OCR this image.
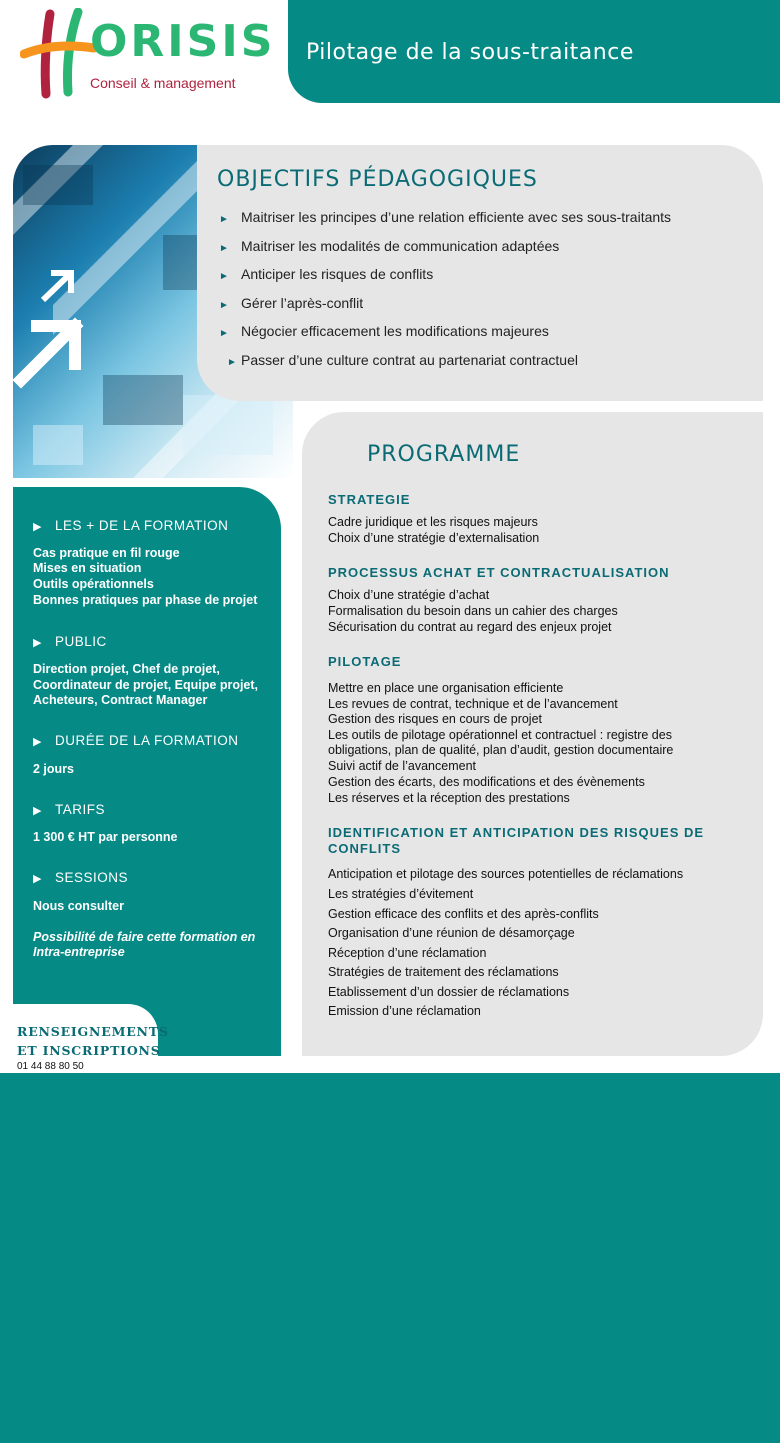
ORISIS
Conseil & management
Pilotage de la sous-traitance
OBJECTIFS PÉDAGOGIQUES
► Maitriser les principes d’une relation efficiente avec ses sous-traitants
► Maitriser les modalités de communication adaptées
► Anticiper les risques de conflits
► Gérer l’après-conflit
► Négocier efficacement les modifications majeures
► Passer d’une culture contrat au partenariat contractuel
PROGRAMME
STRATEGIE
Cadre juridique et les risques majeurs
Choix d’une stratégie d’externalisation
PROCESSUS ACHAT ET CONTRACTUALISATION
Choix d’une stratégie d’achat
Formalisation du besoin dans un cahier des charges
Sécurisation du contrat au regard des enjeux projet
PILOTAGE
Mettre en place une organisation efficiente
Les revues de contrat, technique et de l’avancement
Gestion des risques en cours de projet
Les outils de pilotage opérationnel et contractuel : registre des
obligations, plan de qualité, plan d’audit, gestion documentaire
Suivi actif de l’avancement
Gestion des écarts, des modifications et des évènements
Les réserves et la réception des prestations
IDENTIFICATION ET ANTICIPATION DES RISQUES DE
CONFLITS
Anticipation et pilotage des sources potentielles de réclamations
Les stratégies d’évitement
Gestion efficace des conflits et des après-conflits
Organisation d’une réunion de désamorçage
Réception d’une réclamation
Stratégies de traitement des réclamations
Etablissement d’un dossier de réclamations
Emission d’une réclamation
▶ LES + DE LA FORMATION
Cas pratique en fil rouge
Mises en situation
Outils opérationnels
Bonnes pratiques par phase de projet
▶ PUBLIC
Direction projet, Chef de projet,
Coordinateur de projet, Equipe projet,
Acheteurs, Contract Manager
▶ DURÉE DE LA FORMATION
2 jours
▶ TARIFS
1 300 € HT par personne
▶ SESSIONS
Nous consulter
Possibilité de faire cette formation en
Intra-entreprise
RENSEIGNEMENTS
ET INSCRIPTIONS
01 44 88 80 50
